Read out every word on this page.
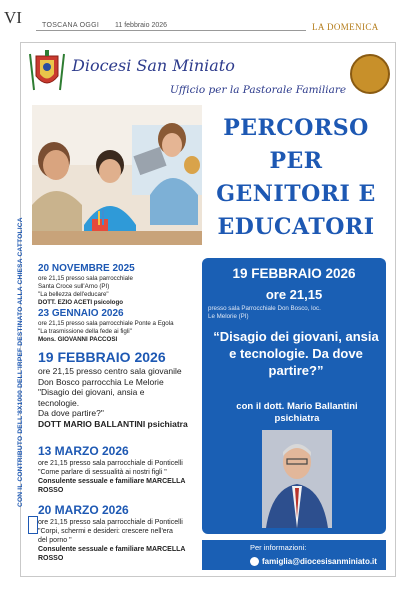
VI	TOSCANA OGGI 11 febbraio 2026	LA DOMENICA
Diocesi San Miniato
Ufficio per la Pastorale Familiare
PERCORSO
PER
GENITORI E
EDUCATORI
CON IL CONTRIBUTO DELL'8X1000 DELL'IRPEF DESTINATO ALLA CHIESA CATTOLICA 20 NOVEMBRE 2025
ore 21,15 presso sala parrocchiale
Santa Croce sull'Arno (PI)
"La bellezza dell'educare"
DOTT. EZIO ACETI psicologo
23 GENNAIO 2026
ore 21,15 presso sala parrocchiale Ponte a Egola
"La trasmissione della fede ai figli"
Mons. GIOVANNI PACCOSI
19 FEBBRAIO 2026
ore 21,15 presso centro sala giovanile
Don Bosco parrocchia Le Melorie
"Disagio dei giovani, ansia e
tecnologie.
Da dove partire?"
DOTT MARIO BALLANTINI psichiatra
13 MARZO 2026
ore 21,15 presso sala parrocchiale di Ponticelli
"Come parlare di sessualità ai nostri figli "
Consulente sessuale e familiare MARCELLA ROSSO
20 MARZO 2026
ore 21,15 presso sala parrocchiale di Ponticelli
"Corpi, schermi e desideri: crescere nell'era
del porno "
Consulente sessuale e familiare MARCELLA ROSSO
19 FEBBRAIO 2026
ore 21,15
presso sala Parrocchiale Don Bosco, loc. Le Melorie (PI)
“Disagio dei giovani, ansia e tecnologie. Da dove partire?”
con il dott. Mario Ballantini psichiatra
Per informazioni:
famiglia@diocesisanminiato.it
